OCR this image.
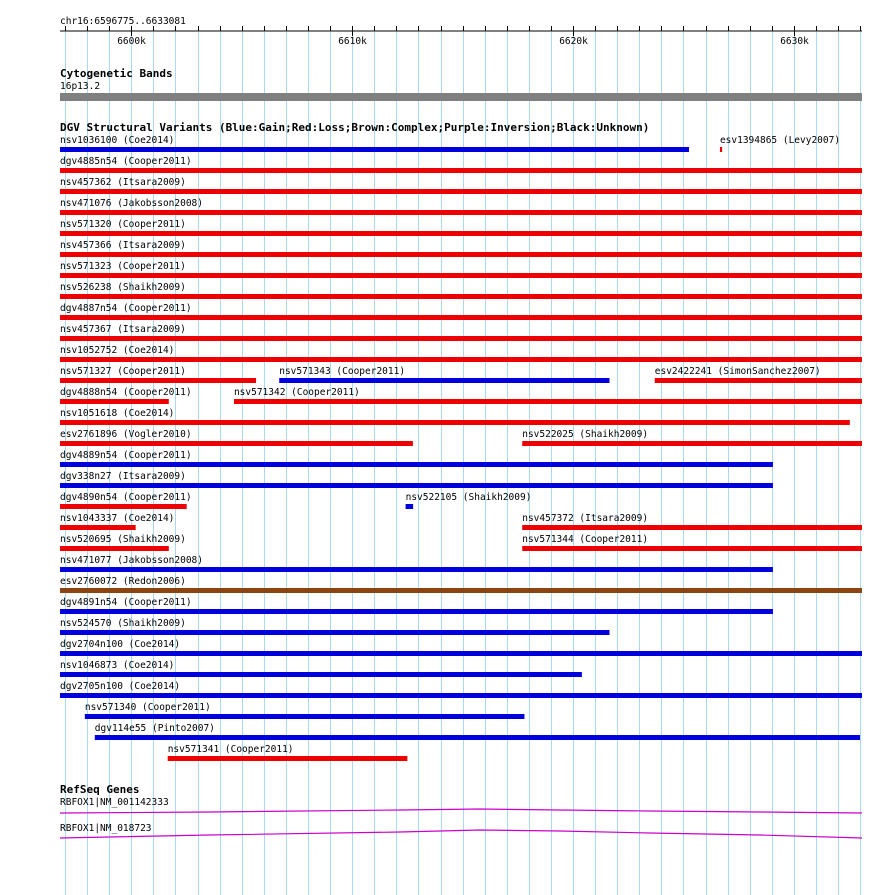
chr16:6596775..6633081
6600k	6610k	6620k	6630k
Cytogenetic Bands
16p13.2
DGV Structural Variants (Blue:Gain;Red:Loss;Brown:Complex;Purple:Inversion;Black:Unknown)
nsv1036100 (Coe2014)	esv1394865 (Levy2007)
dgv4885n54 (Cooper2011)
nsv457362 (Itsara2009)
nsv471076 (Jakobsson2008)
nsv571320 (Cooper2011)
nsv457366 (Itsara2009)
nsv571323 (Cooper2011)
nsv526238 (Shaikh2009)
dgv4887n54 (Cooper2011)
nsv457367 (Itsara2009)
nsv1052752 (Coe2014)
nsv571327 (Cooper2011)	nsv571343 (Cooper2011)	esv2422241 (SimonSanchez2007)
dgv4888n54 (Cooper2011)	nsv571342 (Cooper2011)
nsv1051618 (Coe2014)
esv2761896 (Vogler2010)	nsv522025 (Shaikh2009)
dgv4889n54 (Cooper2011)
dgv338n27 (Itsara2009)
dgv4890n54 (Cooper2011)	nsv522105 (Shaikh2009)
nsv1043337 (Coe2014)	nsv457372 (Itsara2009)
nsv520695 (Shaikh2009)	nsv571344 (Cooper2011)
nsv471077 (Jakobsson2008)
esv2760072 (Redon2006)
dgv4891n54 (Cooper2011)
nsv524570 (Shaikh2009)
dgv2704n100 (Coe2014)
nsv1046873 (Coe2014)
dgv2705n100 (Coe2014)
nsv571340 (Cooper2011)
dgv114e55 (Pinto2007)
nsv571341 (Cooper2011)
RefSeq Genes
RBFOX1|NM_001142333
RBFOX1|NM_018723
